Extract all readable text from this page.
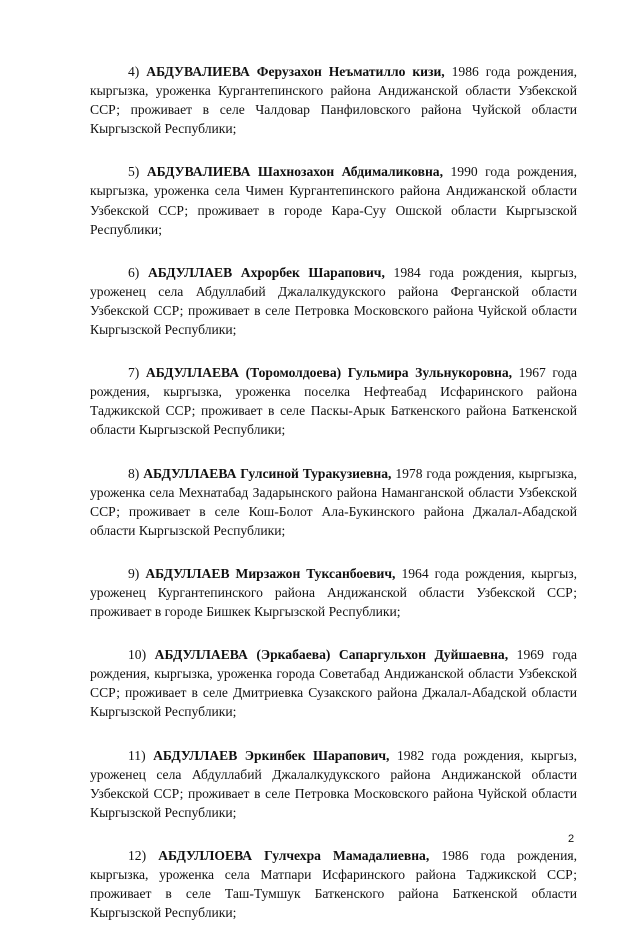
4) АБДУВАЛИЕВА Ферузахон Неъматилло кизи, 1986 года рождения, кыргызка, уроженка Кургантепинского района Андижанской области Узбекской ССР; проживает в селе Чалдовар Панфиловского района Чуйской области Кыргызской Республики;

5) АБДУВАЛИЕВА Шахнозахон Абдималиковна, 1990 года рождения, кыргызка, уроженка села Чимен Кургантепинского района Андижанской области Узбекской ССР; проживает в городе Кара-Суу Ошской области Кыргызской Республики;

6) АБДУЛЛАЕВ Ахрорбек Шарапович, 1984 года рождения, кыргыз, уроженец села Абдуллабий Джалалкудукского района Ферганской области Узбекской ССР; проживает в селе Петровка Московского района Чуйской области Кыргызской Республики;

7) АБДУЛЛАЕВА (Торомолдоева) Гульмира Зульнукоровна, 1967 года рождения, кыргызка, уроженка поселка Нефтеабад Исфаринского района Таджикской ССР; проживает в селе Паскы-Арык Баткенского района Баткенской области Кыргызской Республики;

8) АБДУЛЛАЕВА Гулсиной Туракузиевна, 1978 года рождения, кыргызка, уроженка села Мехнатабад Задарынского района Наманганской области Узбекской ССР; проживает в селе Кош-Болот Ала-Букинского района Джалал-Абадской области Кыргызской Республики;

9) АБДУЛЛАЕВ Мирзажон Туксанбоевич, 1964 года рождения, кыргыз, уроженец Кургантепинского района Андижанской области Узбекской ССР; проживает в городе Бишкек Кыргызской Республики;

10) АБДУЛЛАЕВА (Эркабаева) Сапаргульхон Дуйшаевна, 1969 года рождения, кыргызка, уроженка города Советабад Андижанской области Узбекской ССР; проживает в селе Дмитриевка Сузакского района Джалал-Абадской области Кыргызской Республики;

11) АБДУЛЛАЕВ Эркинбек Шарапович, 1982 года рождения, кыргыз, уроженец села Абдуллабий Джалалкудукского района Андижанской области Узбекской ССР; проживает в селе Петровка Московского района Чуйской области Кыргызской Республики;

12) АБДУЛЛОЕВА Гулчехра Мамадалиевна, 1986 года рождения, кыргызка, уроженка села Матпари Исфаринского района Таджикской ССР; проживает в селе Таш-Тумшук Баткенского района Баткенской области Кыргызской Республики;

2
